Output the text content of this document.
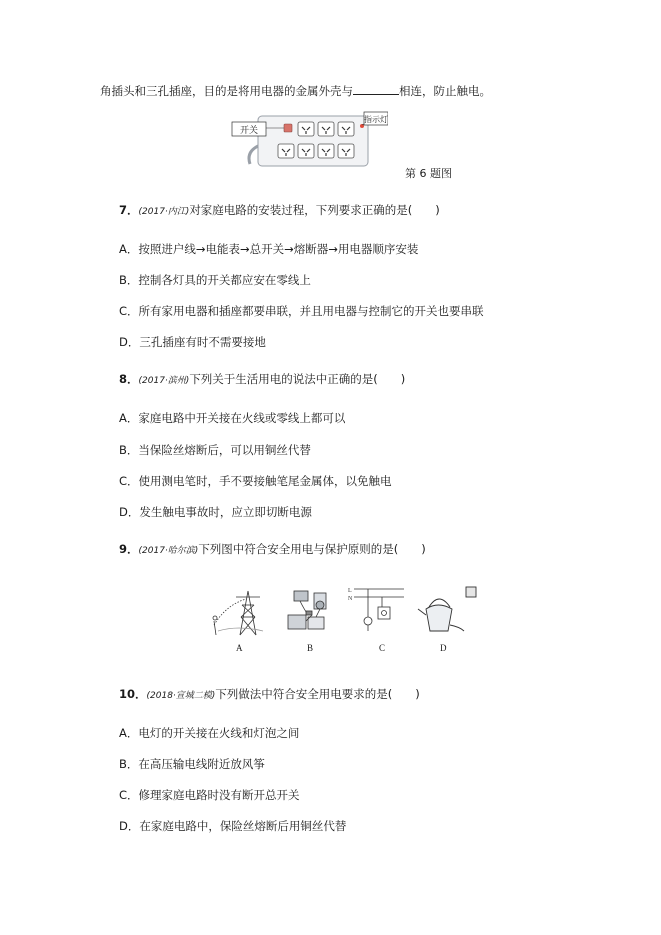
角插头和三孔插座，目的是将用电器的金属外壳与	相连，防止触电。
开关
指示灯
第 6 题图
7．(2017·内江)对家庭电路的安装过程，下列要求正确的是(　　)
A．按照进户线→电能表→总开关→熔断器→用电器顺序安装
B．控制各灯具的开关都应安在零线上
C．所有家用电器和插座都要串联，并且用电器与控制它的开关也要串联
D．三孔插座有时不需要接地
8．(2017·滨州)下列关于生活用电的说法中正确的是(　　)
A．家庭电路中开关接在火线或零线上都可以
B．当保险丝熔断后，可以用铜丝代替
C．使用测电笔时，手不要接触笔尾金属体，以免触电
D．发生触电事故时，应立即切断电源
9．(2017·哈尔滨)下列图中符合安全用电与保护原则的是(　　)
L
N
A	B	C	D
10．(2018·宣城二模)下列做法中符合安全用电要求的是(　　)
A．电灯的开关接在火线和灯泡之间
B．在高压输电线附近放风筝
C．修理家庭电路时没有断开总开关
D．在家庭电路中，保险丝熔断后用铜丝代替
